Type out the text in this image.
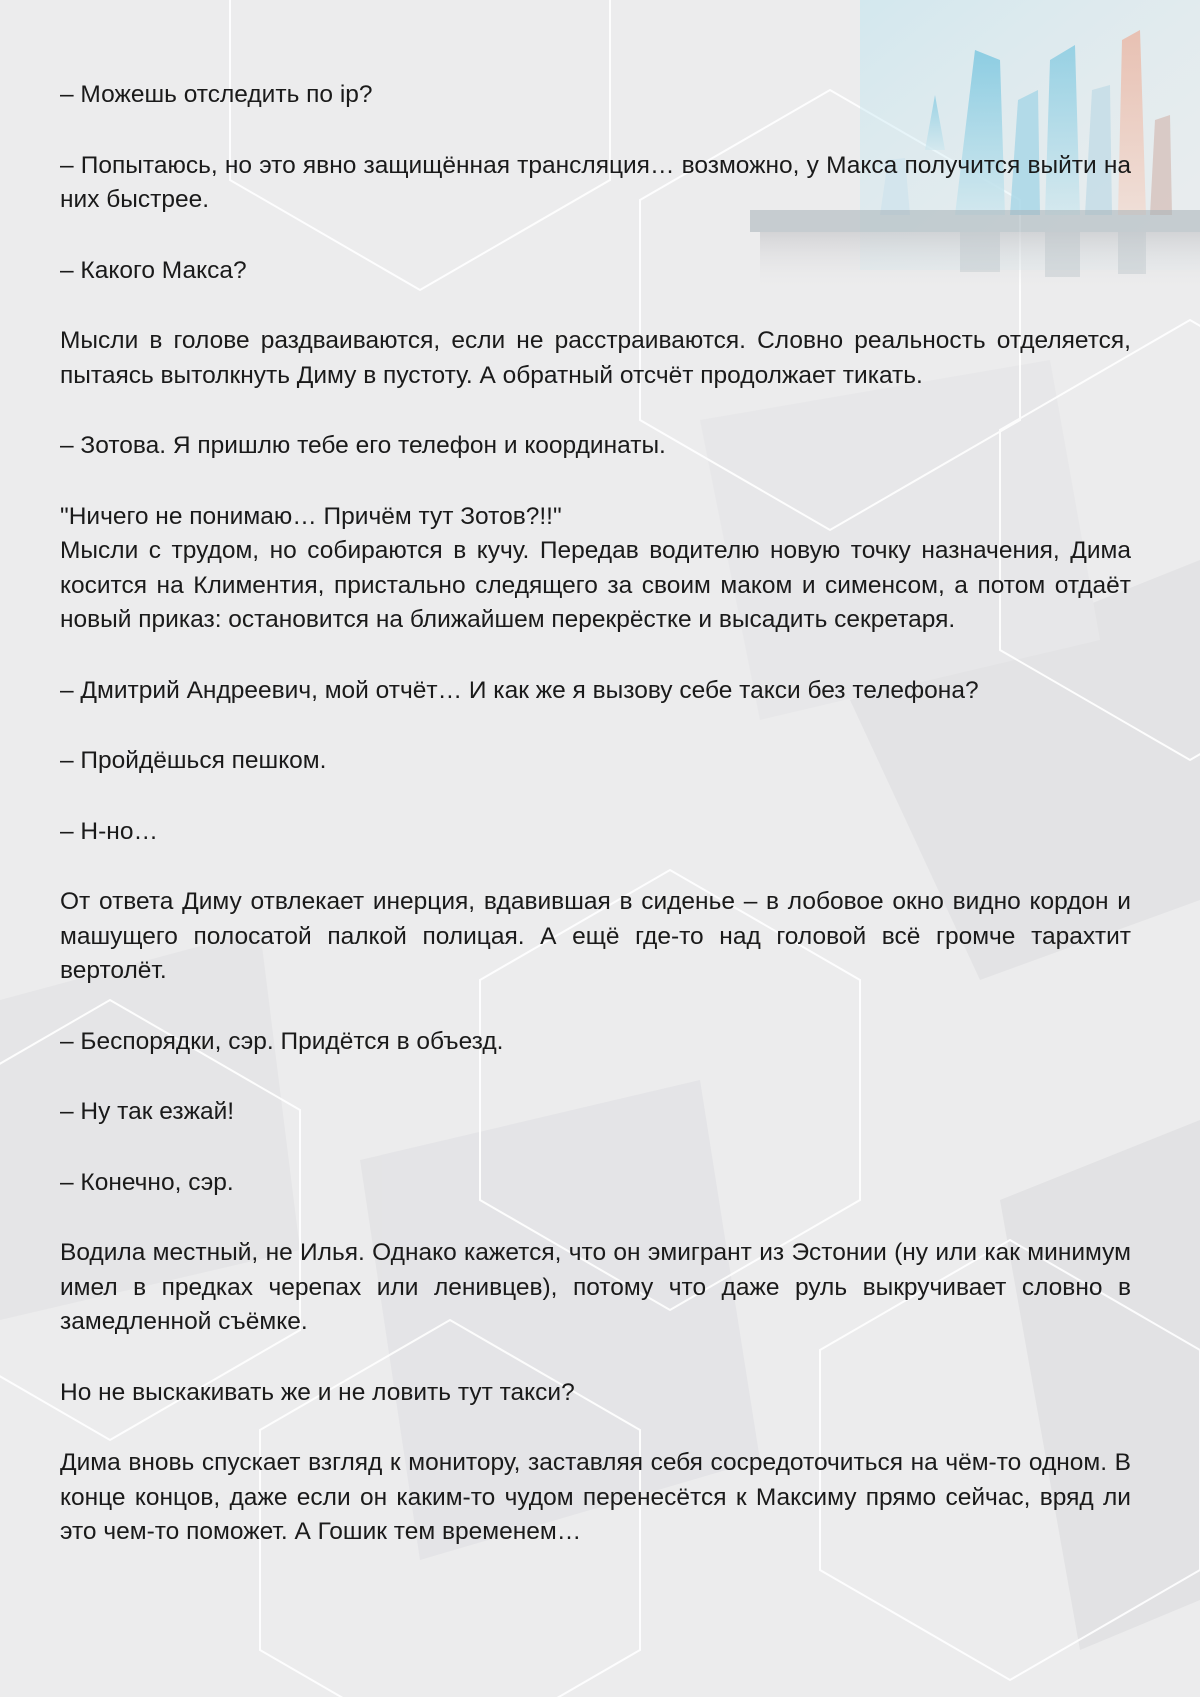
– Можешь отследить по ip?

– Попытаюсь, но это явно защищённая трансляция… возможно, у Макса получится выйти на них быстрее.

– Какого Макса?

Мысли в голове раздваиваются, если не расстраиваются. Словно реальность отделяется, пытаясь вытолкнуть Диму в пустоту. А обратный отсчёт продолжает тикать.

– Зотова. Я пришлю тебе его телефон и координаты.

"Ничего не понимаю… Причём тут Зотов?!!"

Мысли с трудом, но собираются в кучу. Передав водителю новую точку назначения, Дима косится на Климентия, пристально следящего за своим маком и сименсом, а потом отдаёт новый приказ: остановится на ближайшем перекрёстке и высадить секретаря.

– Дмитрий Андреевич, мой отчёт… И как же я вызову себе такси без телефона?

– Пройдёшься пешком.

– Н-но…

От ответа Диму отвлекает инерция, вдавившая в сиденье – в лобовое окно видно кордон и машущего полосатой палкой полицая. А ещё где-то над головой всё громче тарахтит вертолёт.

– Беспорядки, сэр. Придётся в объезд.

– Ну так езжай!

– Конечно, сэр.

Водила местный, не Илья. Однако кажется, что он эмигрант из Эстонии (ну или как минимум имел в предках черепах или ленивцев), потому что даже руль выкручивает словно в замедленной съёмке.

Но не выскакивать же и не ловить тут такси?

Дима вновь спускает взгляд к монитору, заставляя себя сосредоточиться на чём-то одном. В конце концов, даже если он каким-то чудом перенесётся к Максиму прямо сейчас, вряд ли это чем-то поможет. А Гошик тем временем…
